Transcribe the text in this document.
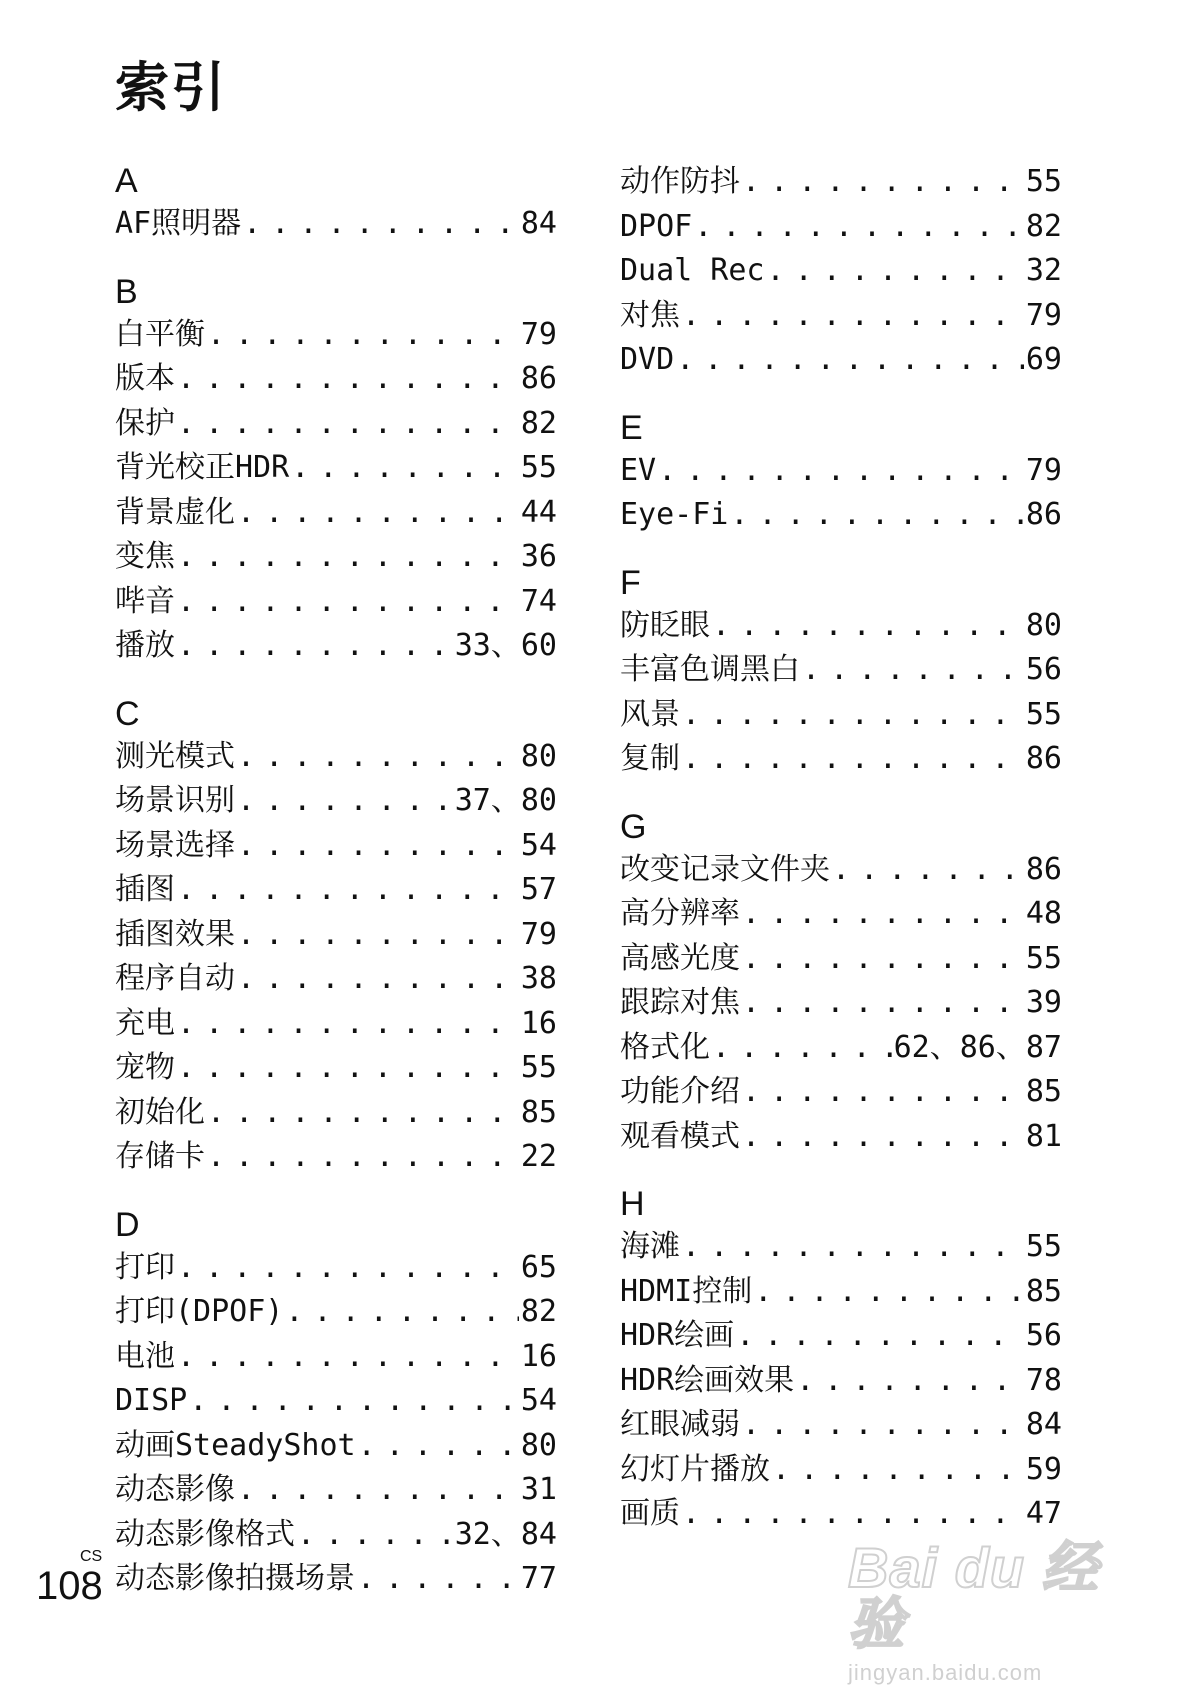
索引
A
AF照明器 . . .	84
B
白平衡 . . .	79
版本 . . .	86
保护 . . .	82
背光校正HDR . . .	55
背景虚化 . . .	44
变焦 . . .	36
哔音 . . .	74
播放 . . .	33、60
C
测光模式 . . .	80
场景识别 . . .	37、80
场景选择 . . .	54
插图 . . .	57
插图效果 . . .	79
程序自动 . . .	38
充电 . . .	16
宠物 . . .	55
初始化 . . .	85
存储卡 . . .	22
D
打印 . . .	65
打印(DPOF) . . .	82
电池 . . .	16
DISP . . .	54
动画SteadyShot . . .	80
动态影像 . . .	31
动态影像格式 . . .	32、84
动态影像拍摄场景 . . .	77
动作防抖 . . .	55
DPOF . . .	82
Dual Rec . . .	32
对焦 . . .	79
DVD . . .	69
E
EV . . .	79
Eye-Fi . . .	86
F
防眨眼 . . .	80
丰富色调黑白 . . .	56
风景 . . .	55
复制 . . .	86
G
改变记录文件夹 . . .	86
高分辨率 . . .	48
高感光度 . . .	55
跟踪对焦 . . .	39
格式化 . . .	62、86、87
功能介绍 . . .	85
观看模式 . . .	81
H
海滩 . . .	55
HDMI控制 . . .	85
HDR绘画 . . .	56
HDR绘画效果 . . .	78
红眼减弱 . . .	84
幻灯片播放 . . .	59
画质 . . .	47
CS
108	Bai du 经验
jingyan.baidu.com
